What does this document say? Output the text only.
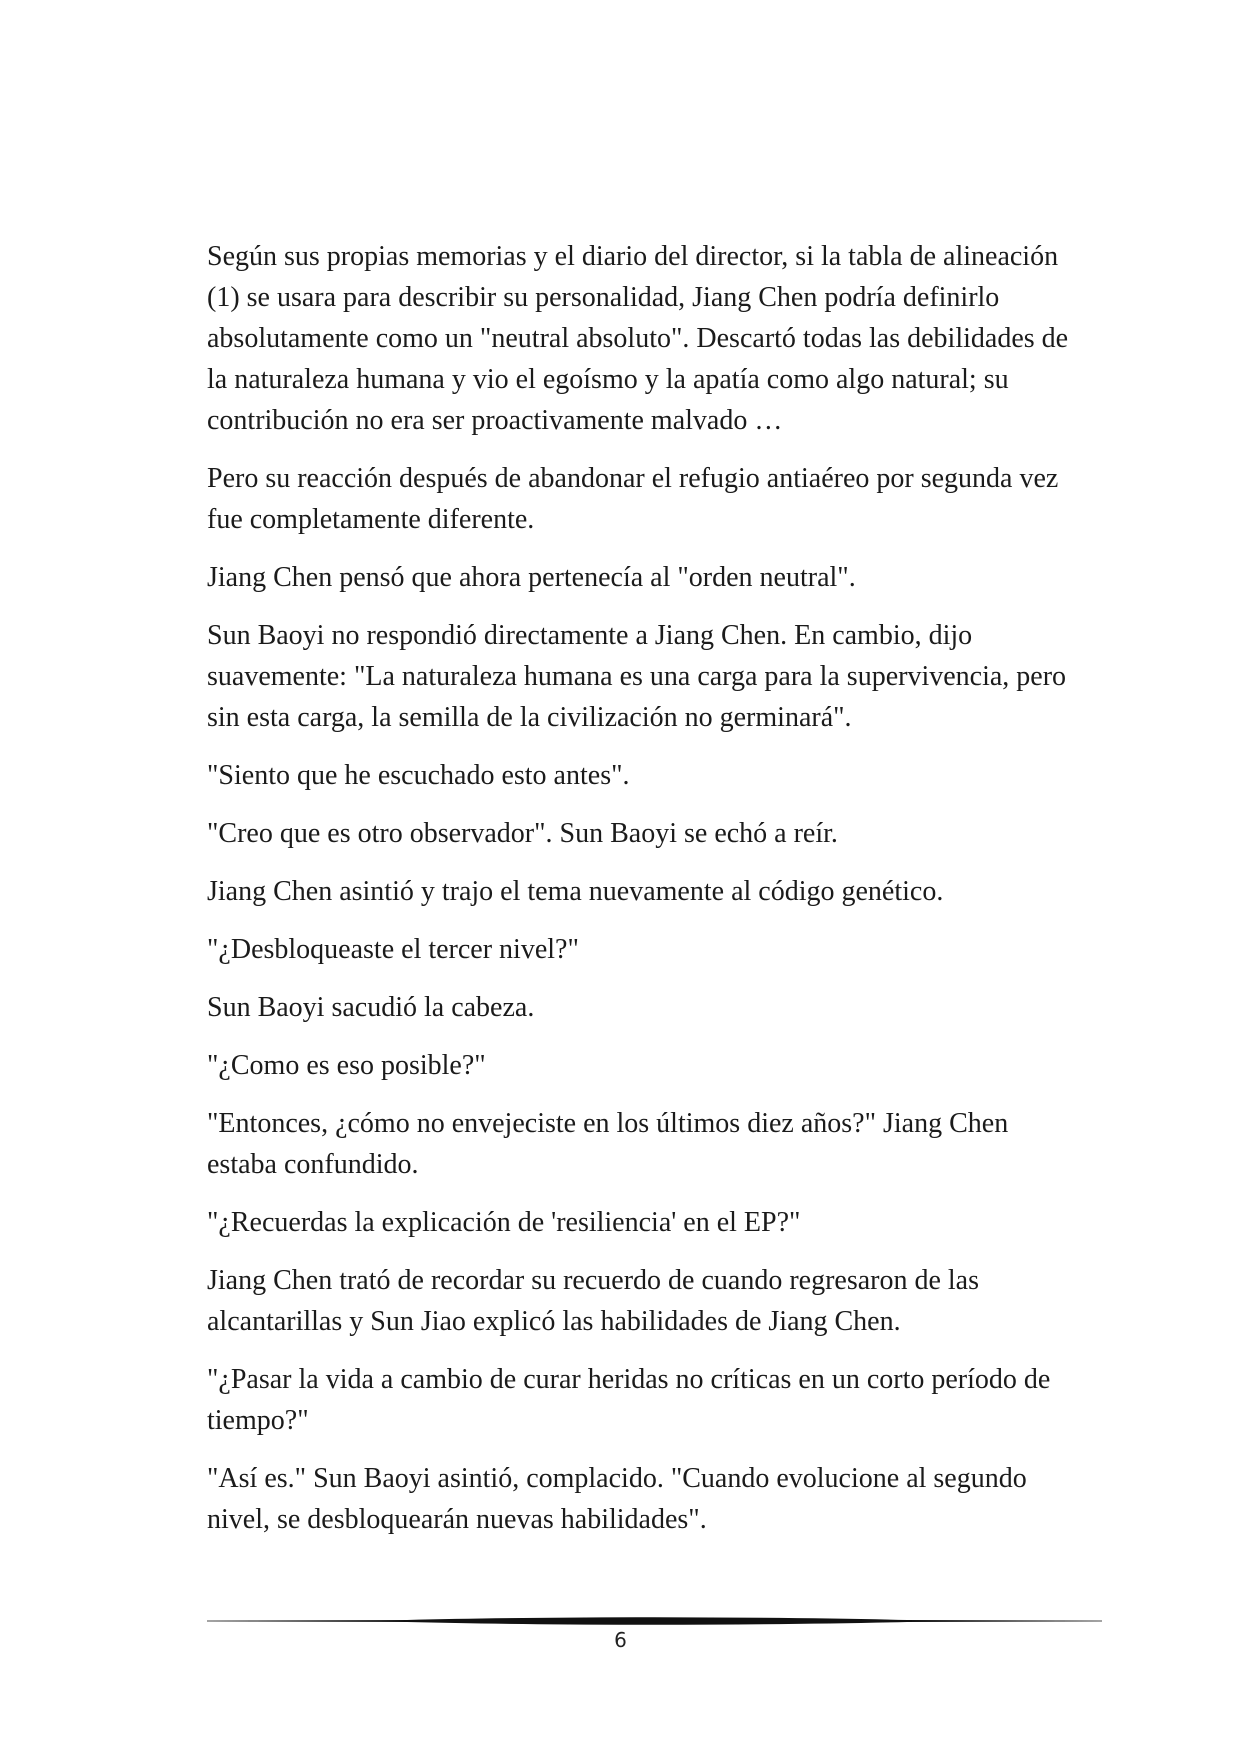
Según sus propias memorias y el diario del director, si la tabla de alineación (1) se usara para describir su personalidad, Jiang Chen podría definirlo absolutamente como un "neutral absoluto". Descartó todas las debilidades de la naturaleza humana y vio el egoísmo y la apatía como algo natural; su contribución no era ser proactivamente malvado …

Pero su reacción después de abandonar el refugio antiaéreo por segunda vez fue completamente diferente.

Jiang Chen pensó que ahora pertenecía al "orden neutral".

Sun Baoyi no respondió directamente a Jiang Chen. En cambio, dijo suavemente: "La naturaleza humana es una carga para la supervivencia, pero sin esta carga, la semilla de la civilización no germinará".

"Siento que he escuchado esto antes".

"Creo que es otro observador". Sun Baoyi se echó a reír.

Jiang Chen asintió y trajo el tema nuevamente al código genético.

"¿Desbloqueaste el tercer nivel?"

Sun Baoyi sacudió la cabeza.

"¿Como es eso posible?"

"Entonces, ¿cómo no envejeciste en los últimos diez años?" Jiang Chen estaba confundido.

"¿Recuerdas la explicación de 'resiliencia' en el EP?"

Jiang Chen trató de recordar su recuerdo de cuando regresaron de las alcantarillas y Sun Jiao explicó las habilidades de Jiang Chen.

"¿Pasar la vida a cambio de curar heridas no críticas en un corto período de tiempo?"

"Así es." Sun Baoyi asintió, complacido. "Cuando evolucione al segundo nivel, se desbloquearán nuevas habilidades".

6
